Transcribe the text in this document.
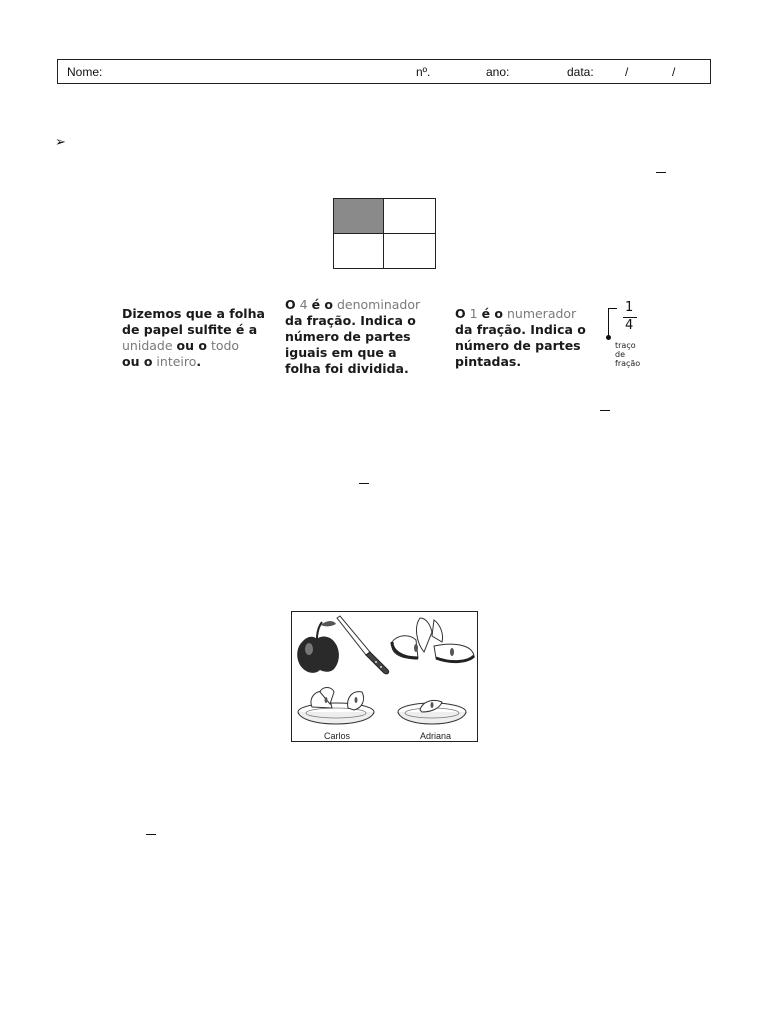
Nome:	nº.	ano:	data:	/	/
➢
Dizemos que a folha
de papel sulfite é a
unidade ou o todo
ou o inteiro.
O 4 é o denominador
da fração. Indica o
número de partes
iguais em que a
folha foi dividida.
O 1 é o numerador
da fração. Indica o
número de partes
pintadas.
1
4
traço
de
fração
Carlos	Adriana
